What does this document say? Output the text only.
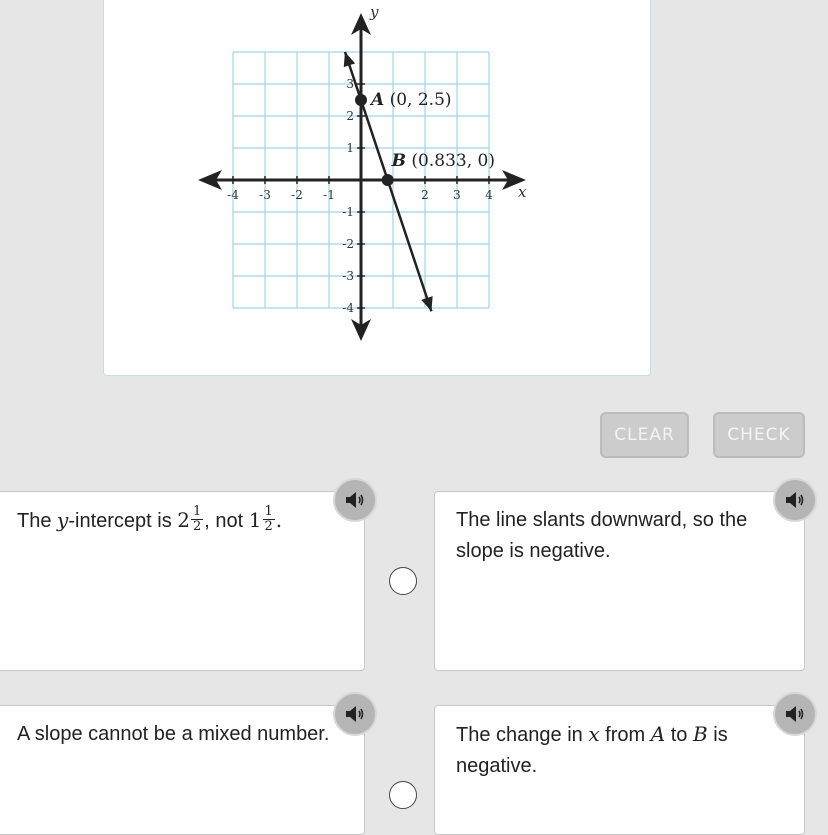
y
x
-4 -3 -2 -1	2 3 4
3
2
1
-1
-2
-3
-4
A (0, 2.5)
B (0.833, 0)
CLEAR	CHECK
The y-intercept is $2 \frac{1}{2}$ , not $1 \frac{1}{2}$ .	The line slants downward, so the slope is negative.
A slope cannot be a mixed number.	The change in x from A to B is negative.
